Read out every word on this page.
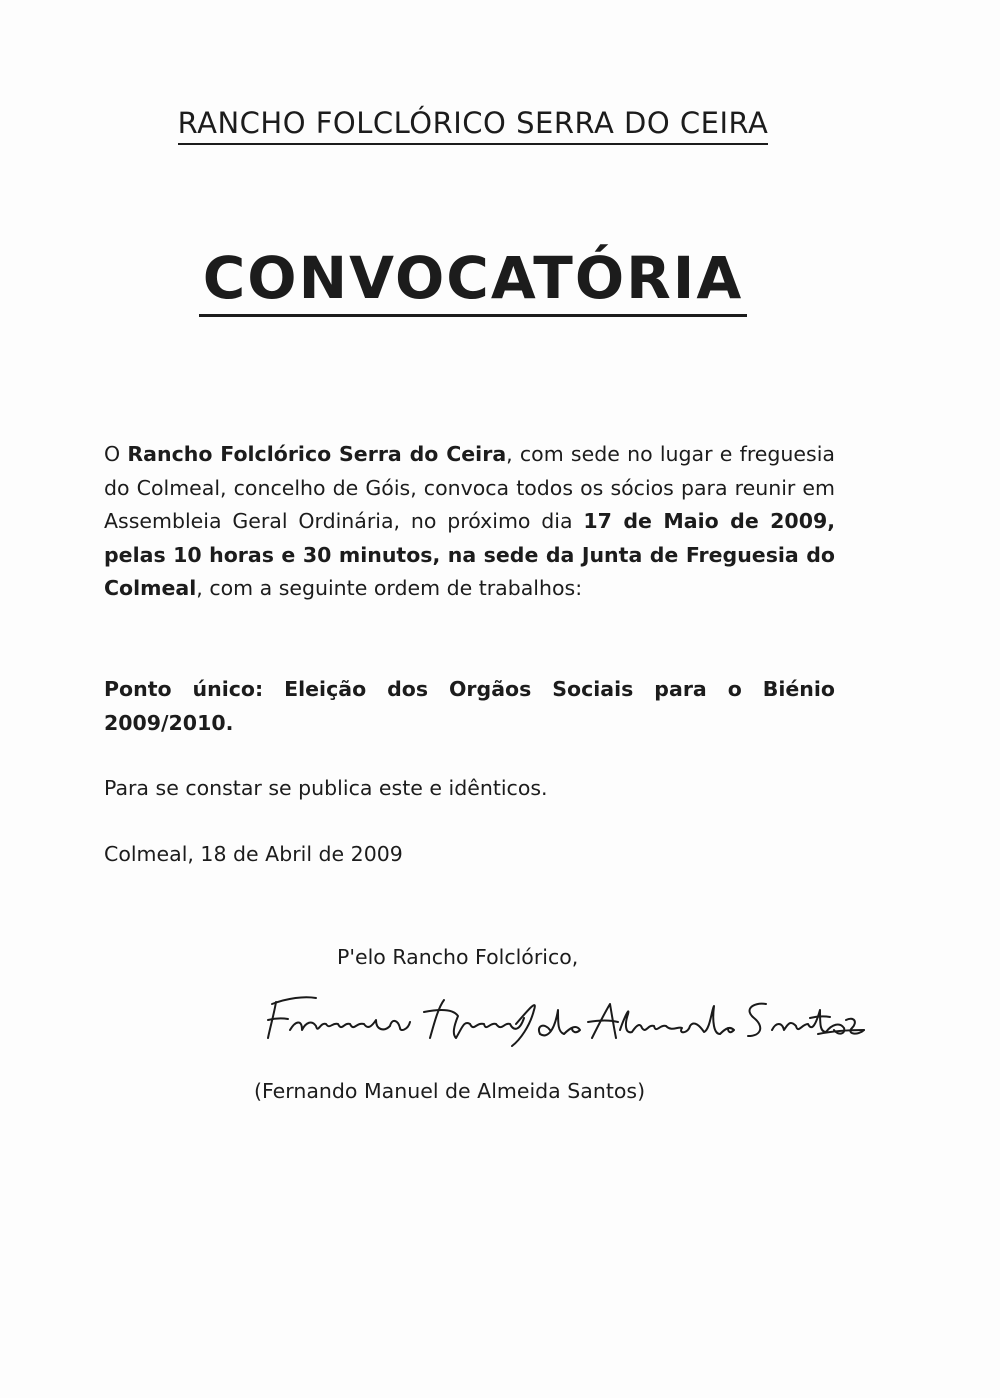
RANCHO FOLCLÓRICO SERRA DO CEIRA
CONVOCATÓRIA
O Rancho Folclórico Serra do Ceira, com sede no lugar e freguesia do Colmeal, concelho de Góis, convoca todos os sócios para reunir em Assembleia Geral Ordinária, no próximo dia 17 de Maio de 2009, pelas 10 horas e 30 minutos, na sede da Junta de Freguesia do Colmeal, com a seguinte ordem de trabalhos:
Ponto único: Eleição dos Orgãos Sociais para o Biénio 2009/2010.
Para se constar se publica este e idênticos.
Colmeal, 18 de Abril de 2009
P'elo Rancho Folclórico,
(Fernando Manuel de Almeida Santos)
